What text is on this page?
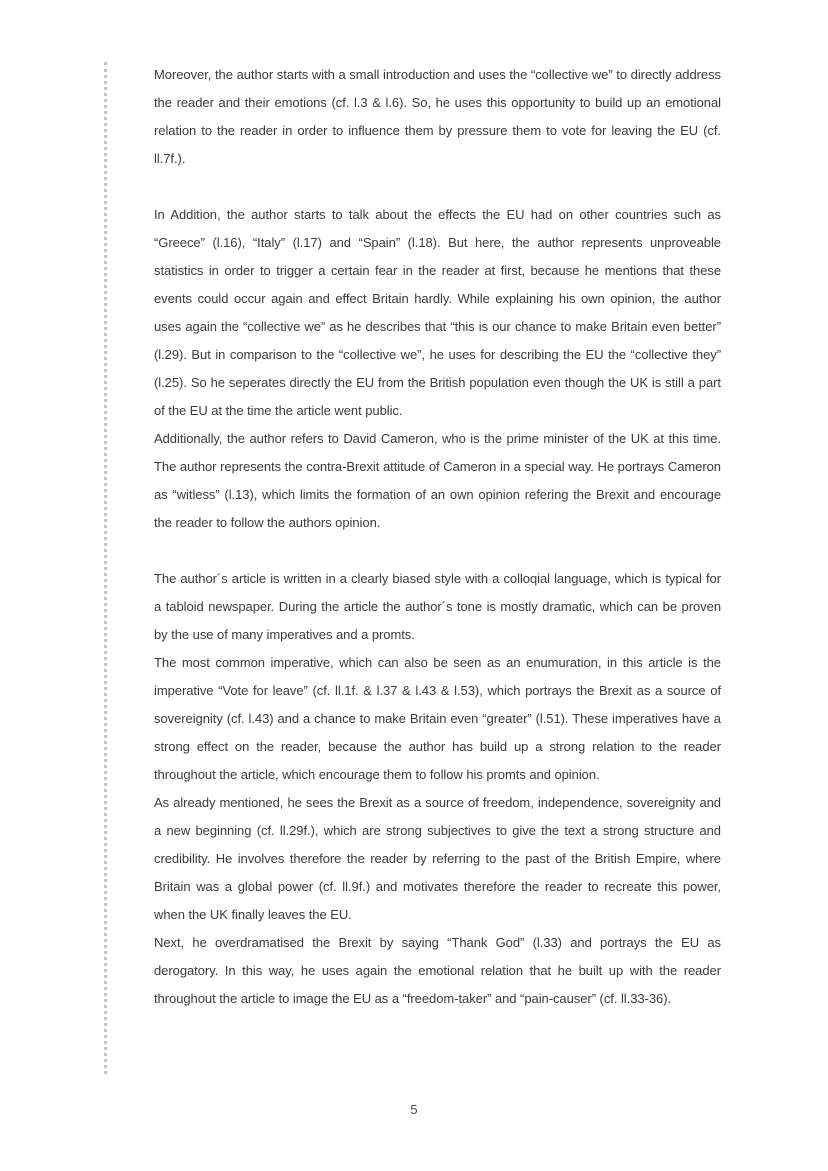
Moreover, the author starts with a small introduction and uses the “collective we” to directly address the reader and their emotions (cf. l.3 & l.6). So, he uses this opportunity to build up an emotional relation to the reader in order to influence them by pressure them to vote for leaving the EU (cf. ll.7f.).

In Addition, the author starts to talk about the effects the EU had on other countries such as “Greece” (l.16), “Italy” (l.17) and “Spain” (l.18). But here, the author represents unproveable statistics in order to trigger a certain fear in the reader at first, because he mentions that these events could occur again and effect Britain hardly. While explaining his own opinion, the author uses again the “collective we” as he describes that “this is our chance to make Britain even better” (l.29). But in comparison to the “collective we”, he uses for describing the EU the “collective they” (l.25). So he seperates directly the EU from the British population even though the UK is still a part of the EU at the time the article went public.

Additionally, the author refers to David Cameron, who is the prime minister of the UK at this time. The author represents the contra-Brexit attitude of Cameron in a special way. He portrays Cameron as “witless” (l.13), which limits the formation of an own opinion refering the Brexit and encourage the reader to follow the authors opinion.

The author´s article is written in a clearly biased style with a colloqial language, which is typical for a tabloid newspaper. During the article the author´s tone is mostly dramatic, which can be proven by the use of many imperatives and a promts.

The most common imperative, which can also be seen as an enumuration, in this article is the imperative “Vote for leave” (cf. ll.1f. & l.37 & l.43 & l.53), which portrays the Brexit as a source of sovereignity (cf. l.43) and a chance to make Britain even “greater” (l.51). These imperatives have a strong effect on the reader, because the author has build up a strong relation to the reader throughout the article, which encourage them to follow his promts and opinion.

As already mentioned, he sees the Brexit as a source of freedom, independence, sovereignity and a new beginning (cf. ll.29f.), which are strong subjectives to give the text a strong structure and credibility. He involves therefore the reader by referring to the past of the British Empire, where Britain was a global power (cf. ll.9f.) and motivates therefore the reader to recreate this power, when the UK finally leaves the EU.

Next, he overdramatised the Brexit by saying “Thank God” (l.33) and portrays the EU as derogatory. In this way, he uses again the emotional relation that he built up with the reader throughout the article to image the EU as a “freedom-taker” and “pain-causer” (cf. ll.33-36).

5
